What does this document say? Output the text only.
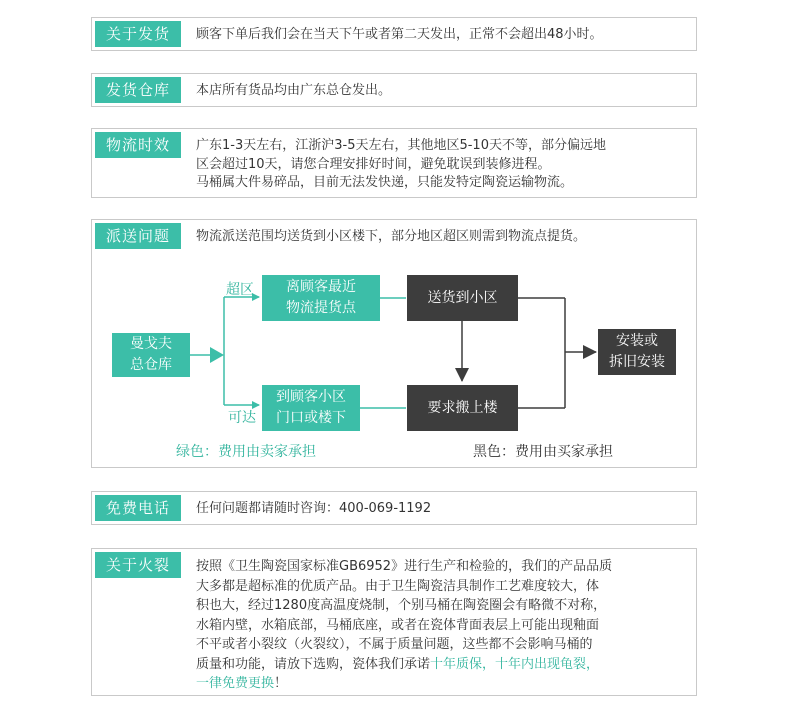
关于发货	顾客下单后我们会在当天下午或者第二天发出，正常不会超出48小时。
发货仓库	本店所有货品均由广东总仓发出。
物流时效	广东1-3天左右，江浙沪3-5天左右，其他地区5-10天不等，部分偏远地
区会超过10天，请您合理安排好时间，避免耽误到装修进程。
马桶属大件易碎品，目前无法发快递，只能发特定陶瓷运输物流。
派送问题	物流派送范围均送货到小区楼下，部分地区超区则需到物流点提货。
曼戈夫
总仓库
超区
可达
离顾客最近
物流提货点
到顾客小区
门口或楼下
送货到小区
要求搬上楼
安装或
拆旧安装
绿色：费用由卖家承担	黑色：费用由买家承担
免费电话	任何问题都请随时咨询：400-069-1192
关于火裂	按照《卫生陶瓷国家标准GB6952》进行生产和检验的，我们的产品品质
大多都是超标准的优质产品。由于卫生陶瓷洁具制作工艺难度较大，体
积也大，经过1280度高温度烧制，个别马桶在陶瓷圈会有略微不对称，
水箱内壁，水箱底部，马桶底座，或者在瓷体背面表层上可能出现釉面
不平或者小裂纹（火裂纹），不属于质量问题，这些都不会影响马桶的
质量和功能，请放下选购，瓷体我们承诺十年质保，十年内出现龟裂，
一律免费更换！
